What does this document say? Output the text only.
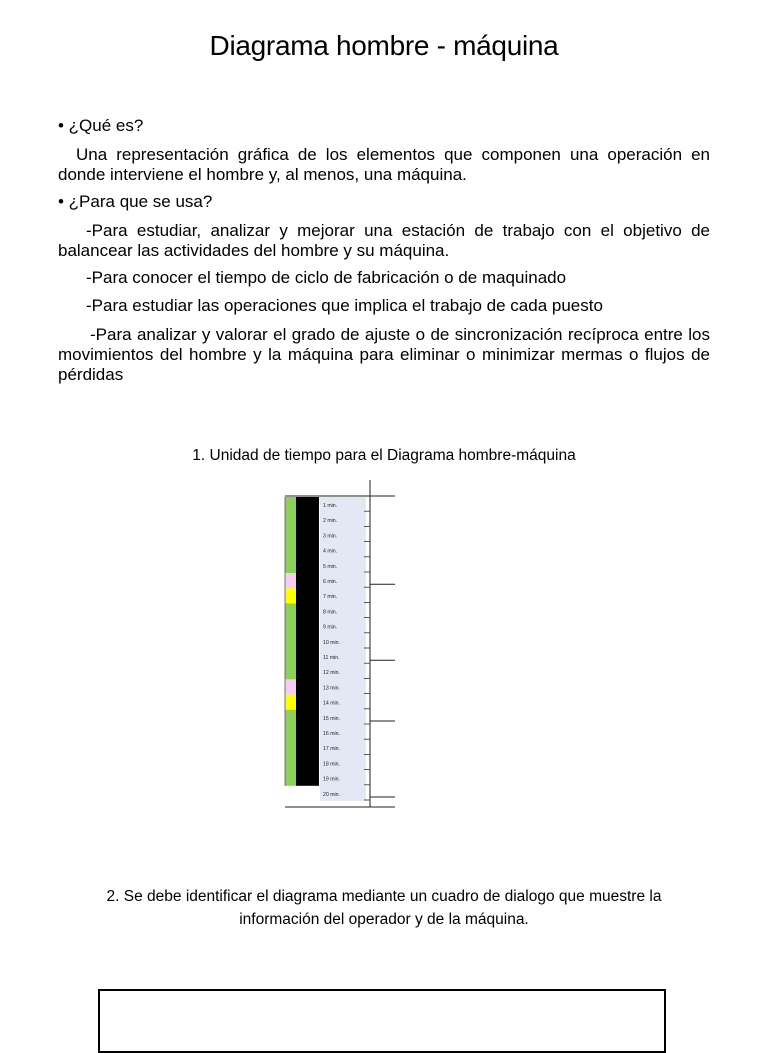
Diagrama hombre - máquina
• ¿Qué es?
Una representación gráfica de los elementos que componen una operación en donde interviene el hombre y, al menos, una máquina.
• ¿Para que se usa?
-Para estudiar, analizar y mejorar una estación de trabajo con el objetivo de balancear las actividades del hombre y su máquina.
-Para conocer el tiempo de ciclo de fabricación o de maquinado
-Para estudiar las operaciones que implica el trabajo de cada puesto
-Para analizar y valorar el grado de ajuste o de sincronización recíproca entre los movimientos del hombre y la máquina para eliminar o minimizar mermas o flujos de pérdidas
1. Unidad de tiempo para el Diagrama hombre-máquina
1 min.
2 min.
3 min.
4 min.
5 min.
6 min.
7 min.
8 min.
9 min.
10 min.
11 min.
12 min.
13 min.
14 min.
15 min.
16 min.
17 min.
18 min.
19 min.
20 min.
2. Se debe identificar el diagrama mediante un cuadro de dialogo que muestre la
información del operador y de la máquina.
